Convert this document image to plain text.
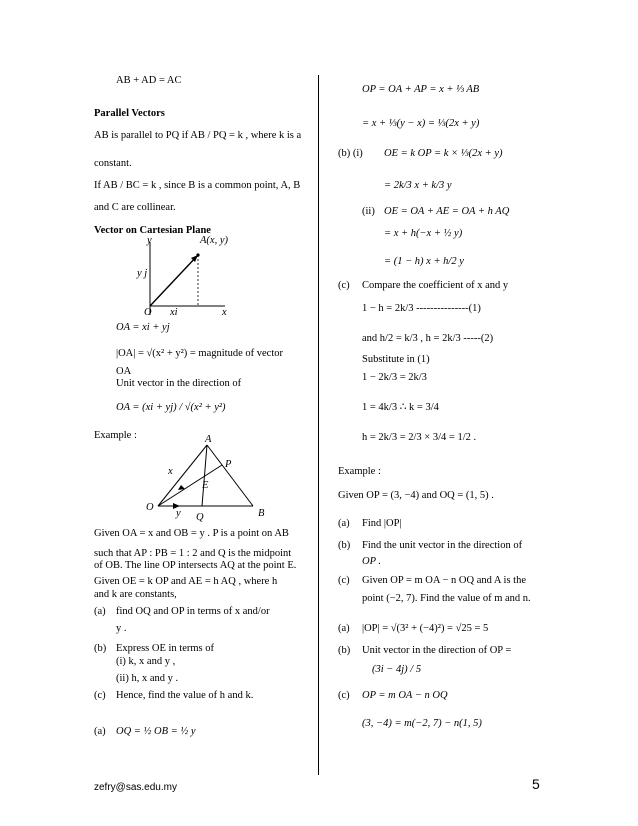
AB + AD = AC
Parallel Vectors
AB is parallel to PQ if AB / PQ = k , where k is a
constant.
If AB / BC = k , since B is a common point, A, B
and C are collinear.
Vector on Cartesian Plane
y	A(x, y)
y j
O xi	x
OA = xi + yj
|OA| = √(x² + y²) = magnitude of vector
OA
Unit vector in the direction of
OA = (xi + yj) / √(x² + y²)
Example :	A
P
x
E
O
y Q	B
Given OA = x and OB = y . P is a point on AB
such that AP : PB = 1 : 2 and Q is the midpoint
of OB. The line OP intersects AQ at the point E.
Given OE = k OP and AE = h AQ , where h
and k are constants,
(a) find OQ and OP in terms of x and/or
y .
(b) Express OE in terms of
(i) k, x and y ,
(ii) h, x and y .
(c) Hence, find the value of h and k.
(a) OQ = ½ OB = ½ y
OP = OA + AP = x + ⅓ AB
= x + ⅓(y − x) = ⅓(2x + y)
(b) (i) OE = k OP = k × ⅓(2x + y)
= 2k/3 x + k/3 y
(ii) OE = OA + AE = OA + h AQ
= x + h(−x + ½ y)
= (1 − h) x + h/2 y
(c) Compare the coefficient of x and y
1 − h = 2k/3 ---------------(1)
and h/2 = k/3 , h = 2k/3 -----(2)
Substitute in (1)
1 − 2k/3 = 2k/3
1 = 4k/3 ∴ k = 3/4
h = 2k/3 = 2/3 × 3/4 = 1/2 .
Example :
Given OP = (3, −4) and OQ = (1, 5) .
(a) Find |OP|
(b) Find the unit vector in the direction of
OP .
(c) Given OP = m OA − n OQ and A is the
point (−2, 7). Find the value of m and n.
(a) |OP| = √(3² + (−4)²) = √25 = 5
(b) Unit vector in the direction of OP =
(3i − 4j) / 5
(c) OP = m OA − n OQ
(3, −4) = m(−2, 7) − n(1, 5)
zefry@sas.edu.my	5
